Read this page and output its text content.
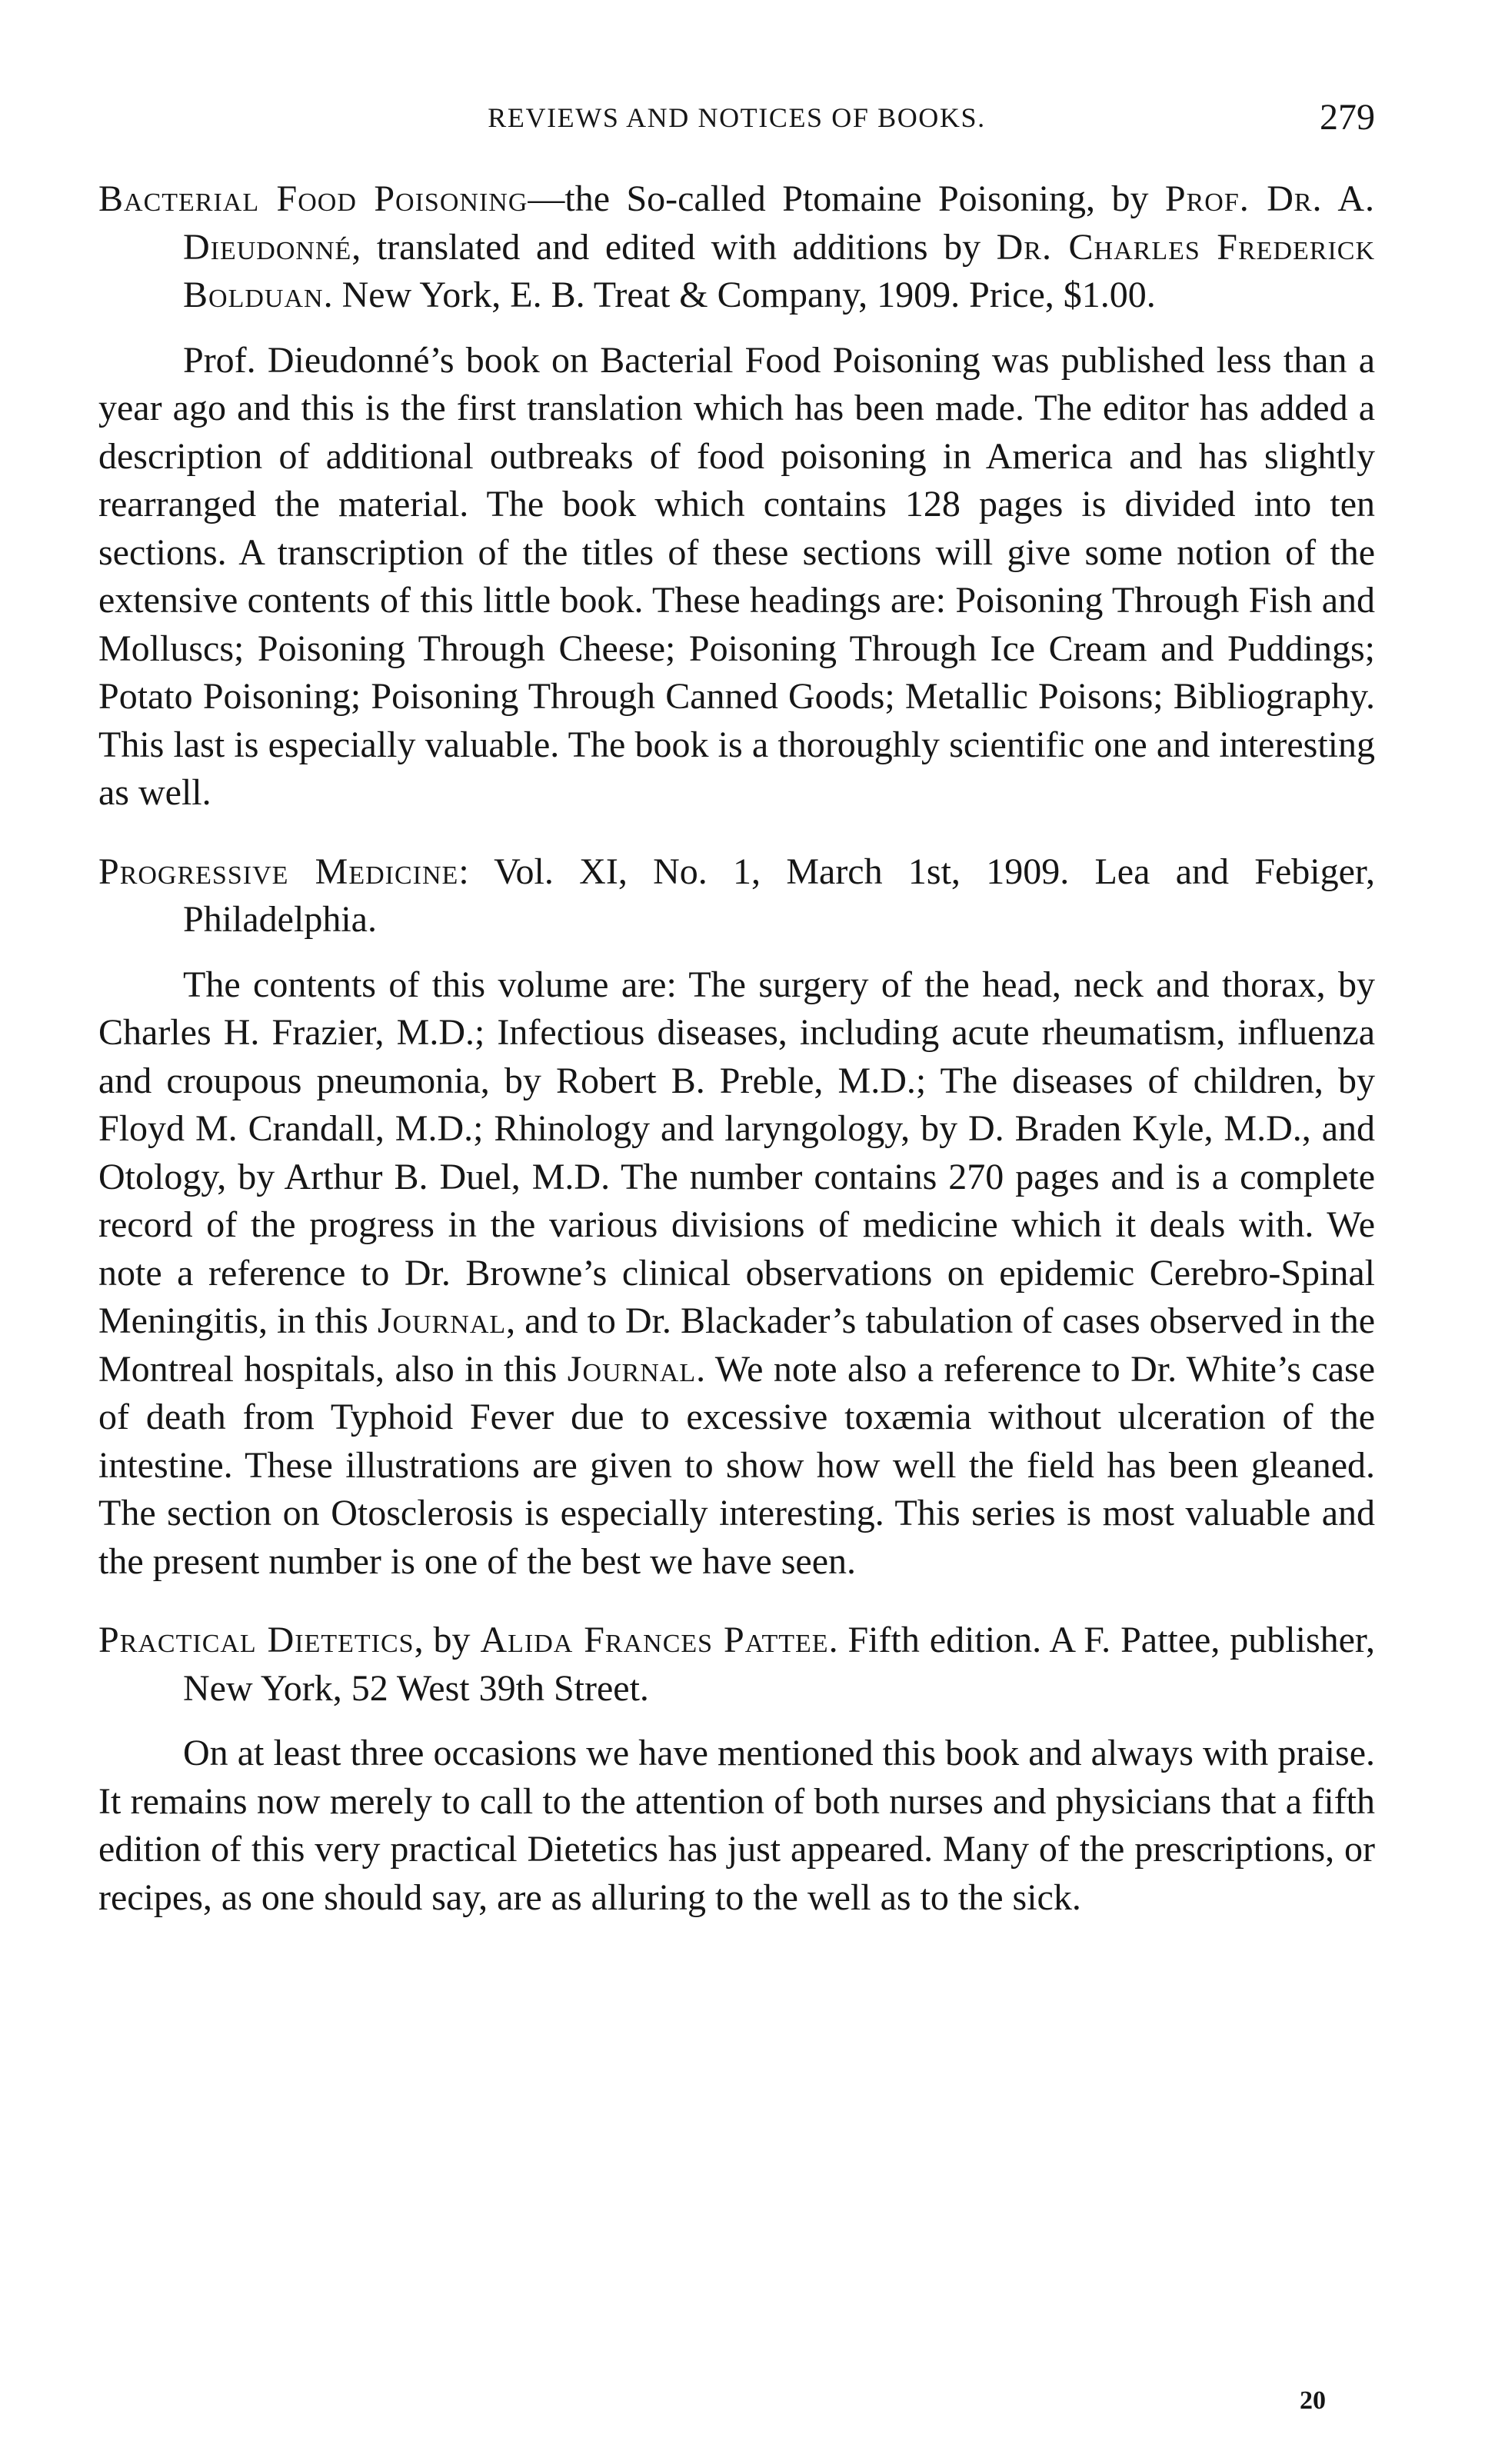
REVIEWS AND NOTICES OF BOOKS.	279

Bacterial Food Poisoning—the So-called Ptomaine Poisoning, by Prof. Dr. A. Dieudonné, translated and edited with additions by Dr. Charles Frederick Bolduan. New York, E. B. Treat & Company, 1909. Price, $1.00.

Prof. Dieudonné’s book on Bacterial Food Poisoning was published less than a year ago and this is the first translation which has been made. The editor has added a description of additional outbreaks of food poisoning in America and has slightly rearranged the material. The book which contains 128 pages is divided into ten sections. A transcription of the titles of these sections will give some notion of the extensive contents of this little book. These headings are: Poisoning Through Fish and Molluscs; Poisoning Through Cheese; Poisoning Through Ice Cream and Puddings; Potato Poisoning; Poisoning Through Canned Goods; Metallic Poisons; Bibliography. This last is especially valuable. The book is a thoroughly scientific one and interesting as well.

Progressive Medicine: Vol. XI, No. 1, March 1st, 1909. Lea and Febiger, Philadelphia.

The contents of this volume are: The surgery of the head, neck and thorax, by Charles H. Frazier, M.D.; Infectious diseases, including acute rheumatism, influenza and croupous pneumonia, by Robert B. Preble, M.D.; The diseases of children, by Floyd M. Crandall, M.D.; Rhinology and laryngology, by D. Braden Kyle, M.D., and Otology, by Arthur B. Duel, M.D. The number contains 270 pages and is a complete record of the progress in the various divisions of medicine which it deals with. We note a reference to Dr. Browne’s clinical observations on epidemic Cerebro-Spinal Meningitis, in this Journal, and to Dr. Blackader’s tabulation of cases observed in the Montreal hospitals, also in this Journal. We note also a reference to Dr. White’s case of death from Typhoid Fever due to excessive toxæmia without ulceration of the intestine. These illustrations are given to show how well the field has been gleaned. The section on Otosclerosis is especially interesting. This series is most valuable and the present number is one of the best we have seen.

Practical Dietetics, by Alida Frances Pattee. Fifth edition. A F. Pattee, publisher, New York, 52 West 39th Street.

On at least three occasions we have mentioned this book and always with praise. It remains now merely to call to the attention of both nurses and physicians that a fifth edition of this very practical Dietetics has just appeared. Many of the prescriptions, or recipes, as one should say, are as alluring to the well as to the sick.

20
